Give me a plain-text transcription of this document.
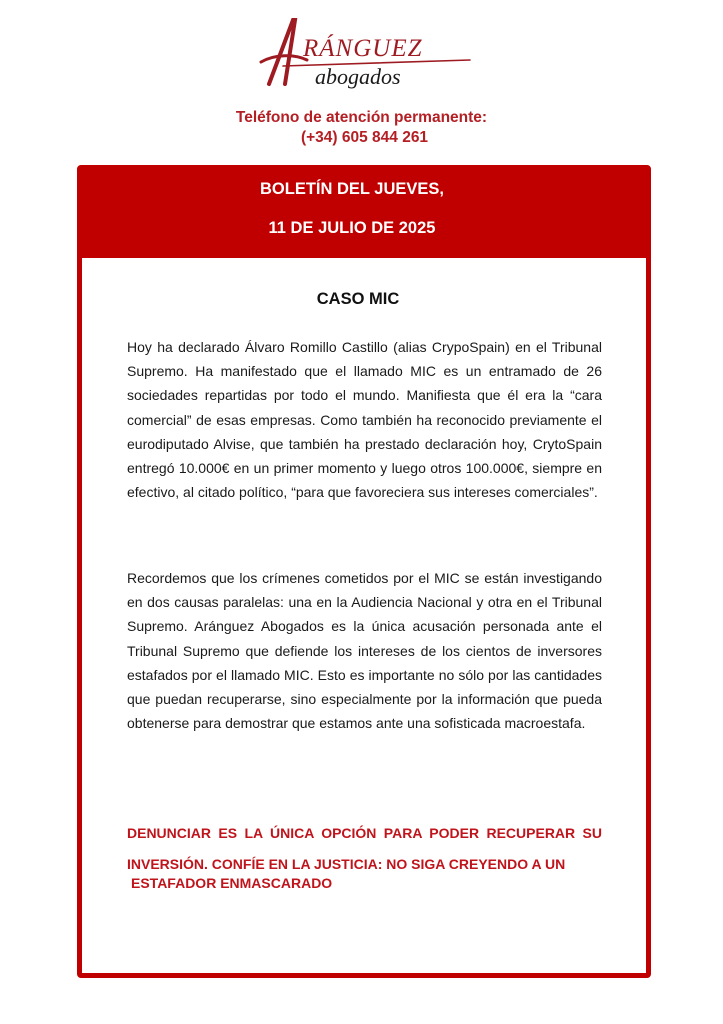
RÁNGUEZ
abogados
Teléfono de atención permanente:
(+34) 605 844 261
BOLETÍN DEL JUEVES,
11 DE JULIO DE 2025
CASO MIC

Hoy ha declarado Álvaro Romillo Castillo (alias CrypoSpain) en el Tribunal Supremo. Ha manifestado que el llamado MIC es un entramado de 26 sociedades repartidas por todo el mundo. Manifiesta que él era la “cara comercial” de esas empresas. Como también ha reconocido previamente el eurodiputado Alvise, que también ha prestado declaración hoy, CrytoSpain entregó 10.000€ en un primer momento y luego otros 100.000€, siempre en efectivo, al citado político, “para que favoreciera sus intereses comerciales”.

Recordemos que los crímenes cometidos por el MIC se están investigando en dos causas paralelas: una en la Audiencia Nacional y otra en el Tribunal Supremo. Aránguez Abogados es la única acusación personada ante el Tribunal Supremo que defiende los intereses de los cientos de inversores estafados por el llamado MIC. Esto es importante no sólo por las cantidades que puedan recuperarse, sino especialmente por la información que pueda obtenerse para demostrar que estamos ante una sofisticada macroestafa.

DENUNCIAR ES LA ÚNICA OPCIÓN PARA PODER RECUPERAR SU
INVERSIÓN. CONFÍE EN LA JUSTICIA: NO SIGA CREYENDO A UN
ESTAFADOR ENMASCARADO
